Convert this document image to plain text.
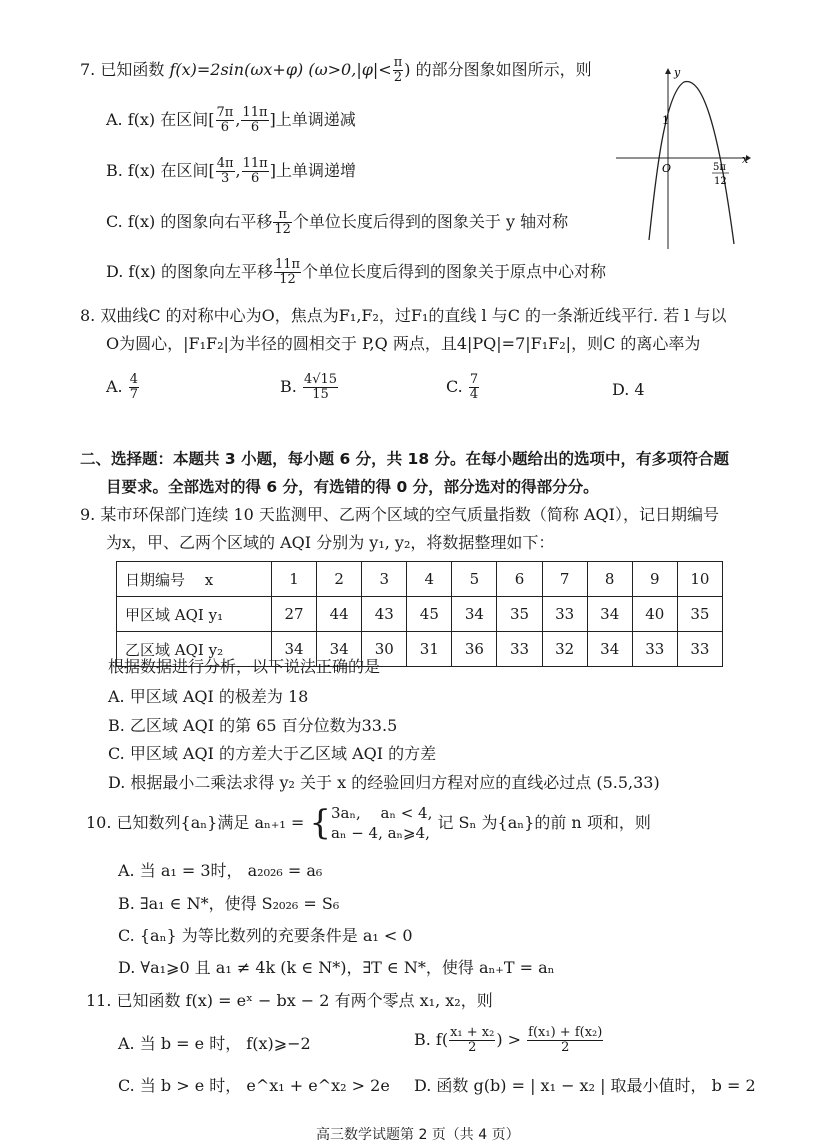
7. 已知函数 f(x)=2sin(ωx+φ) ($\omega>0,|\varphi|< \frac{\pi}{2}$ ) 的部分图象如图所示，则
A. f(x) 在区间[ $\frac{7\pi}{6}$ , $\frac{11\pi}{6}$ ]上单调递减
B. f(x) 在区间[ $\frac{4\pi}{3}$ , $\frac{11\pi}{6}$ ]上单调递增
C. f(x) 的图象向右平移 $\frac{\pi}{12}$ 个单位长度后得到的图象关于 y 轴对称
D. f(x) 的图象向左平移 $\frac{11\pi}{12}$ 个单位长度后得到的图象关于原点中心对称
y
x
O
1
5π
12
8. 双曲线C 的对称中心为O，焦点为F₁,F₂，过F₁的直线 l 与C 的一条渐近线平行. 若 l 与以
O为圆心，|F₁F₂|为半径的圆相交于 P,Q 两点，且4|PQ|=7|F₁F₂|，则C 的离心率为
A. $\frac{4}{7}$	B. $\frac{4√15}{15}$	C. $\frac{7}{4}$	D. 4
二、选择题：本题共 3 小题，每小题 6 分，共 18 分。在每小题给出的选项中，有多项符合题
目要求。全部选对的得 6 分，有选错的得 0 分，部分选对的得部分分。
9. 某市环保部门连续 10 天监测甲、乙两个区域的空气质量指数（简称 AQI），记日期编号
为x，甲、乙两个区域的 AQI 分别为 y₁, y₂，将数据整理如下：
日期编号　 x	1	2	3	4	5	6	7	8	9	10
甲区域 AQI y₁	27	44	43	45	34	35	33	34	40	35
乙区域 AQI y₂	34	34	30	31	36	33	32	34	33	33
根据数据进行分析，以下说法正确的是
A. 甲区域 AQI 的极差为 18
B. 乙区域 AQI 的第 65 百分位数为33.5
C. 甲区域 AQI 的方差大于乙区域 AQI 的方差
D. 根据最小二乘法求得 y₂ 关于 x 的经验回归方程对应的直线必过点 (5.5,33)
10. 已知数列{aₙ}满足 aₙ₊₁ = { 3aₙ,　 aₙ < 4,
aₙ − 4, aₙ⩾4,
记 Sₙ 为{aₙ}的前 n 项和，则
A. 当 a₁ = 3时， a₂₀₂₆ = a₆
B. ∃a₁ ∈ N*，使得 S₂₀₂₆ = S₆
C. {aₙ} 为等比数列的充要条件是 a₁ < 0
D. ∀a₁⩾0 且 a₁ ≠ 4k (k ∈ N*)，∃T ∈ N*，使得 aₙ₊T = aₙ
11. 已知函数 f(x) = eˣ − bx − 2 有两个零点 x₁, x₂，则
A. 当 b = e 时， f(x)⩾−2	B. $f( \frac{\text{x₁ + x₂}}{2}$ ) > $\frac{\text{f(x₁) + f(x₂)}}{2}$
C. 当 b > e 时， e^x₁ + e^x₂ > 2e D. 函数 g(b) = | x₁ − x₂ | 取最小值时， b = 2
高三数学试题第 2 页（共 4 页）
